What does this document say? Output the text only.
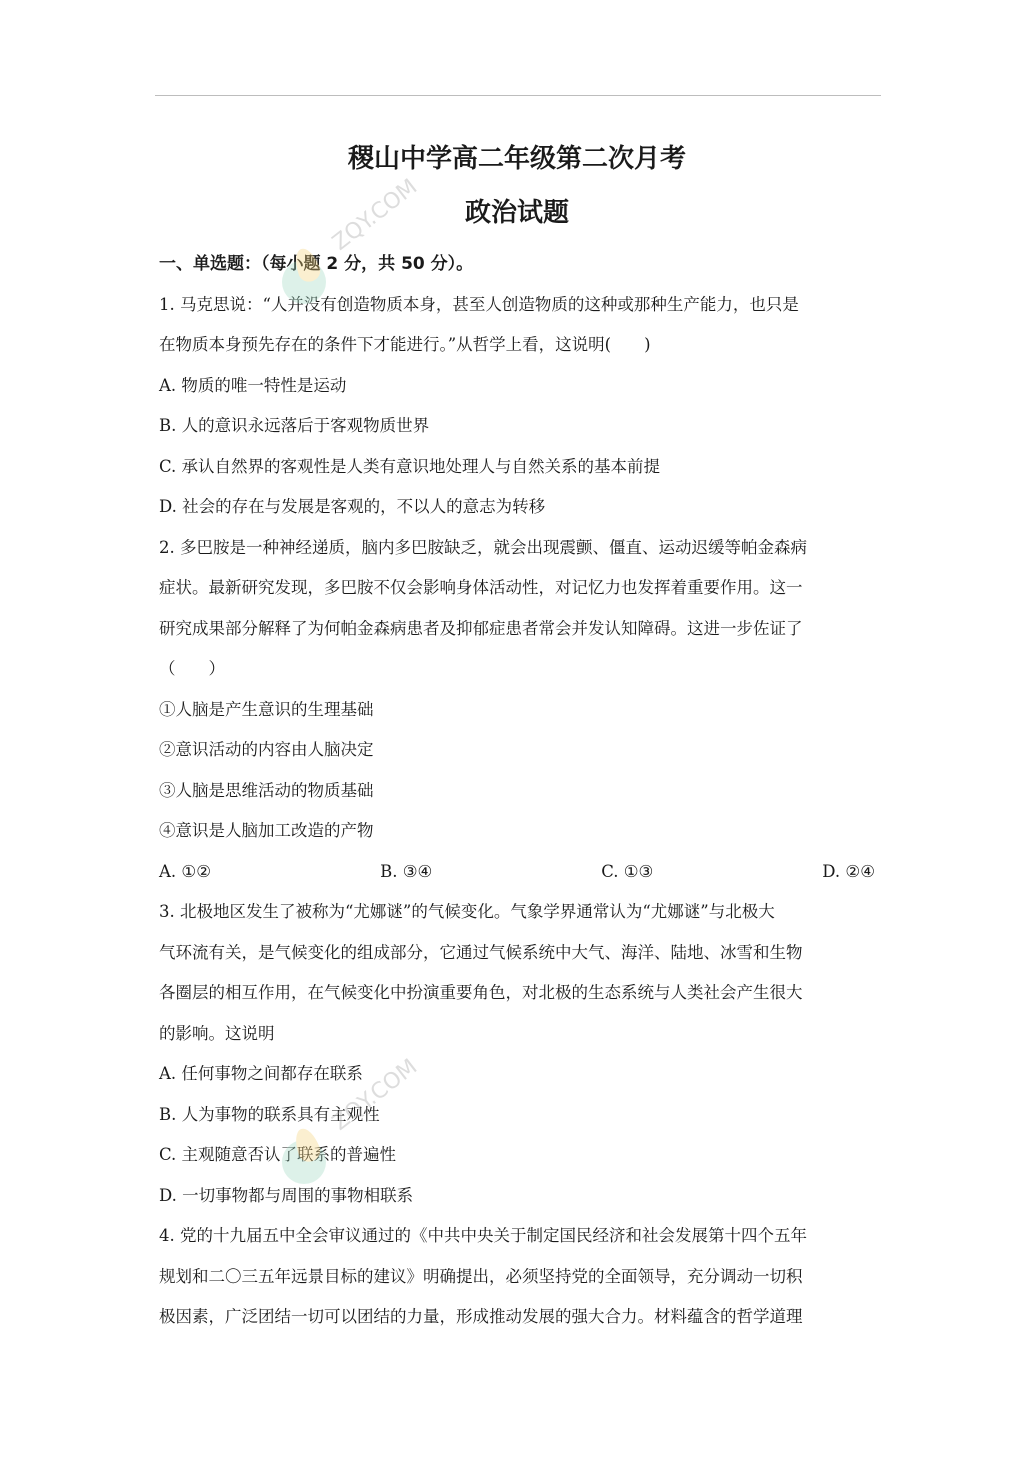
稷山中学高二年级第二次月考
政治试题
一、单选题：（每小题 2 分，共 50 分）。
1. 马克思说：“人并没有创造物质本身，甚至人创造物质的这种或那种生产能力，也只是
在物质本身预先存在的条件下才能进行。”从哲学上看，这说明(　　)
A. 物质的唯一特性是运动
B. 人的意识永远落后于客观物质世界
C. 承认自然界的客观性是人类有意识地处理人与自然关系的基本前提
D. 社会的存在与发展是客观的，不以人的意志为转移
2. 多巴胺是一种神经递质，脑内多巴胺缺乏，就会出现震颤、僵直、运动迟缓等帕金森病
症状。最新研究发现，多巴胺不仅会影响身体活动性，对记忆力也发挥着重要作用。这一
研究成果部分解释了为何帕金森病患者及抑郁症患者常会并发认知障碍。这进一步佐证了
（　　）
①人脑是产生意识的生理基础
②意识活动的内容由人脑决定
③人脑是思维活动的物质基础
④意识是人脑加工改造的产物
A. ①②	B. ③④	C. ①③	D. ②④
3. 北极地区发生了被称为“尤娜谜”的气候变化。气象学界通常认为“尤娜谜”与北极大
气环流有关，是气候变化的组成部分，它通过气候系统中大气、海洋、陆地、冰雪和生物
各圈层的相互作用，在气候变化中扮演重要角色，对北极的生态系统与人类社会产生很大
的影响。这说明
A. 任何事物之间都存在联系
B. 人为事物的联系具有主观性
C. 主观随意否认了联系的普遍性
D. 一切事物都与周围的事物相联系
4. 党的十九届五中全会审议通过的《中共中央关于制定国民经济和社会发展第十四个五年
规划和二〇三五年远景目标的建议》明确提出，必须坚持党的全面领导，充分调动一切积
极因素，广泛团结一切可以团结的力量，形成推动发展的强大合力。材料蕴含的哲学道理
ZQY.COM
ZQY.COM
